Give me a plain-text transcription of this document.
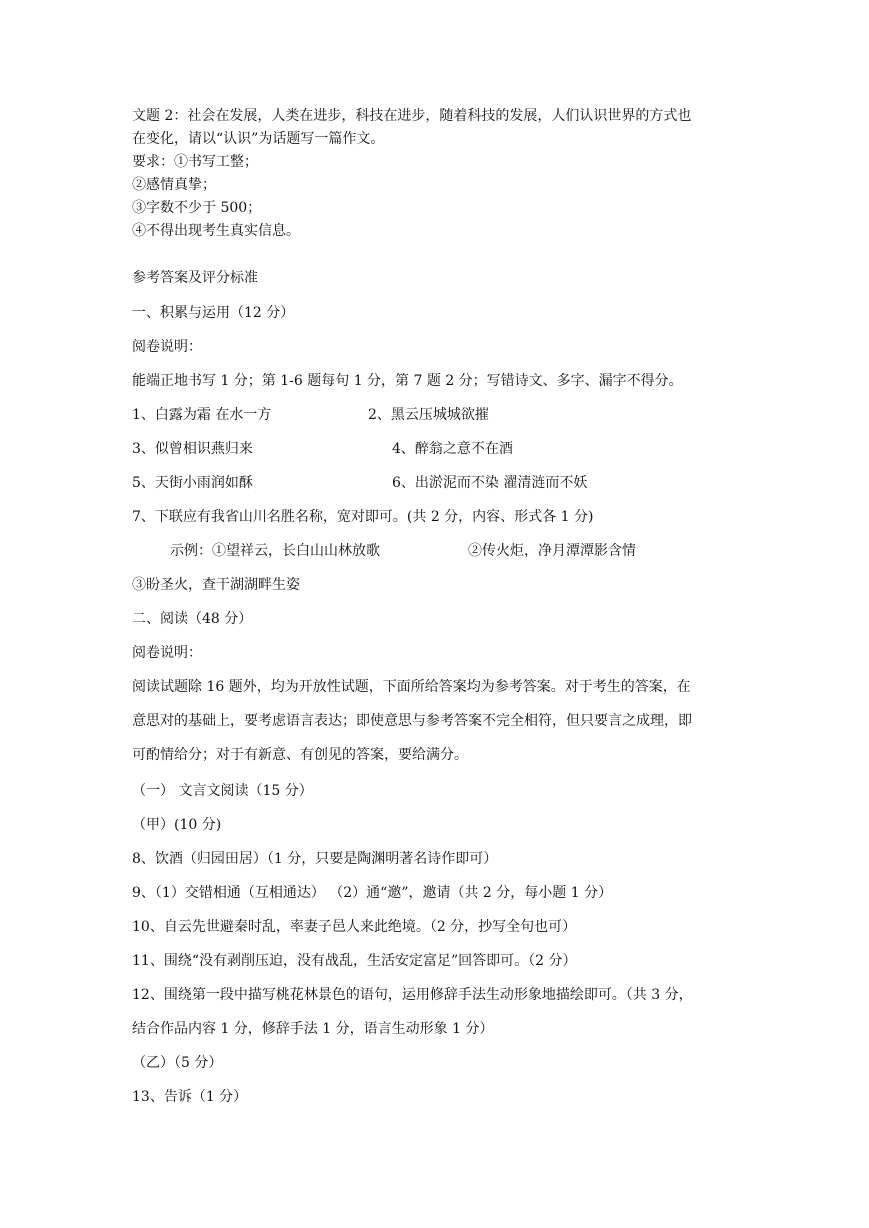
文题 2：社会在发展，人类在进步，科技在进步，随着科技的发展，人们认识世界的方式也

在变化，请以“认识”为话题写一篇作文。

要求：①书写工整；

②感情真挚；

③字数不少于 500；

④不得出现考生真实信息。

参考答案及评分标准

一、积累与运用（12 分）

阅卷说明：

能端正地书写 1 分；第 1-6 题每句 1 分，第 7 题 2 分；写错诗文、多字、漏字不得分。

1、白露为霜 在水一方	2、黑云压城城欲摧

3、似曾相识燕归来	4、醉翁之意不在酒

5、天街小雨润如酥	6、出淤泥而不染 濯清涟而不妖

7、下联应有我省山川名胜名称，宽对即可。(共 2 分，内容、形式各 1 分)

示例：①望祥云，长白山山林放歌	②传火炬，净月潭潭影含情

③盼圣火，查干湖湖畔生姿

二、阅读（48 分）

阅卷说明：

阅读试题除 16 题外，均为开放性试题，下面所给答案均为参考答案。对于考生的答案，在

意思对的基础上，要考虑语言表达；即使意思与参考答案不完全相符，但只要言之成理，即

可酌情给分；对于有新意、有创见的答案，要给满分。

（一） 文言文阅读（15 分）

（甲）(10 分)

8、饮酒（归园田居）（1 分，只要是陶渊明著名诗作即可）

9、（1）交错相通（互相通达） （2）通“邀”，邀请（共 2 分，每小题 1 分）

10、自云先世避秦时乱，率妻子邑人来此绝境。（2 分，抄写全句也可）

11、围绕“没有剥削压迫，没有战乱，生活安定富足”回答即可。（2 分）

12、围绕第一段中描写桃花林景色的语句，运用修辞手法生动形象地描绘即可。（共 3 分，

结合作品内容 1 分，修辞手法 1 分，语言生动形象 1 分）

（乙）（5 分）

13、告诉（1 分）
